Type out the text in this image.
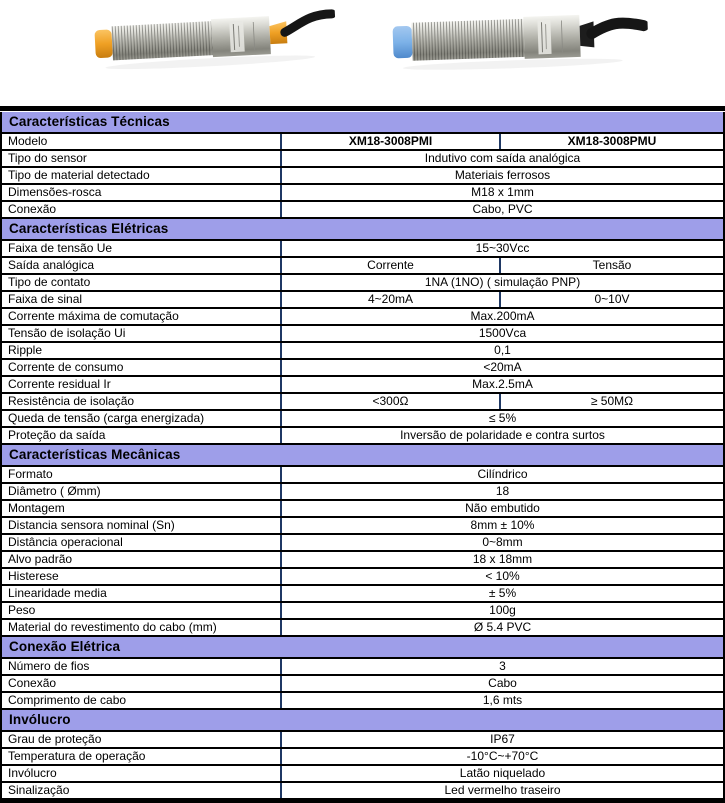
Características Técnicas
Modelo	XM18-3008PMI	XM18-3008PMU
Tipo do sensor	Indutivo com saída analógica
Tipo de material detectado	Materiais ferrosos
Dimensões-rosca	M18 x 1mm
Conexão	Cabo, PVC
Características Elétricas
Faixa de tensão Ue	15~30Vcc
Saída analógica	Corrente	Tensão
Tipo de contato	1NA (1NO) ( simulação PNP)
Faixa de sinal	4~20mA	0~10V
Corrente máxima de comutação	Max.200mA
Tensão de isolação Ui	1500Vca
Ripple	0,1
Corrente de consumo	<20mA
Corrente residual Ir	Max.2.5mA
Resistência de isolação	<300Ω	≥ 50MΩ
Queda de tensão (carga energizada)	≤ 5%
Proteção da saída	Inversão de polaridade e contra surtos
Características Mecânicas
Formato	Cilíndrico
Diâmetro ( Ømm)	18
Montagem	Não embutido
Distancia sensora nominal (Sn)	8mm ± 10%
Distância operacional	0~8mm
Alvo padrão	18 x 18mm
Histerese	< 10%
Linearidade media	± 5%
Peso	100g
Material do revestimento do cabo (mm)	Ø 5.4 PVC
Conexão Elétrica
Número de fios	3
Conexão	Cabo
Comprimento de cabo	1,6 mts
Invólucro
Grau de proteção	IP67
Temperatura de operação	-10°C~+70°C
Invólucro	Latão niquelado
Sinalização	Led vermelho traseiro
